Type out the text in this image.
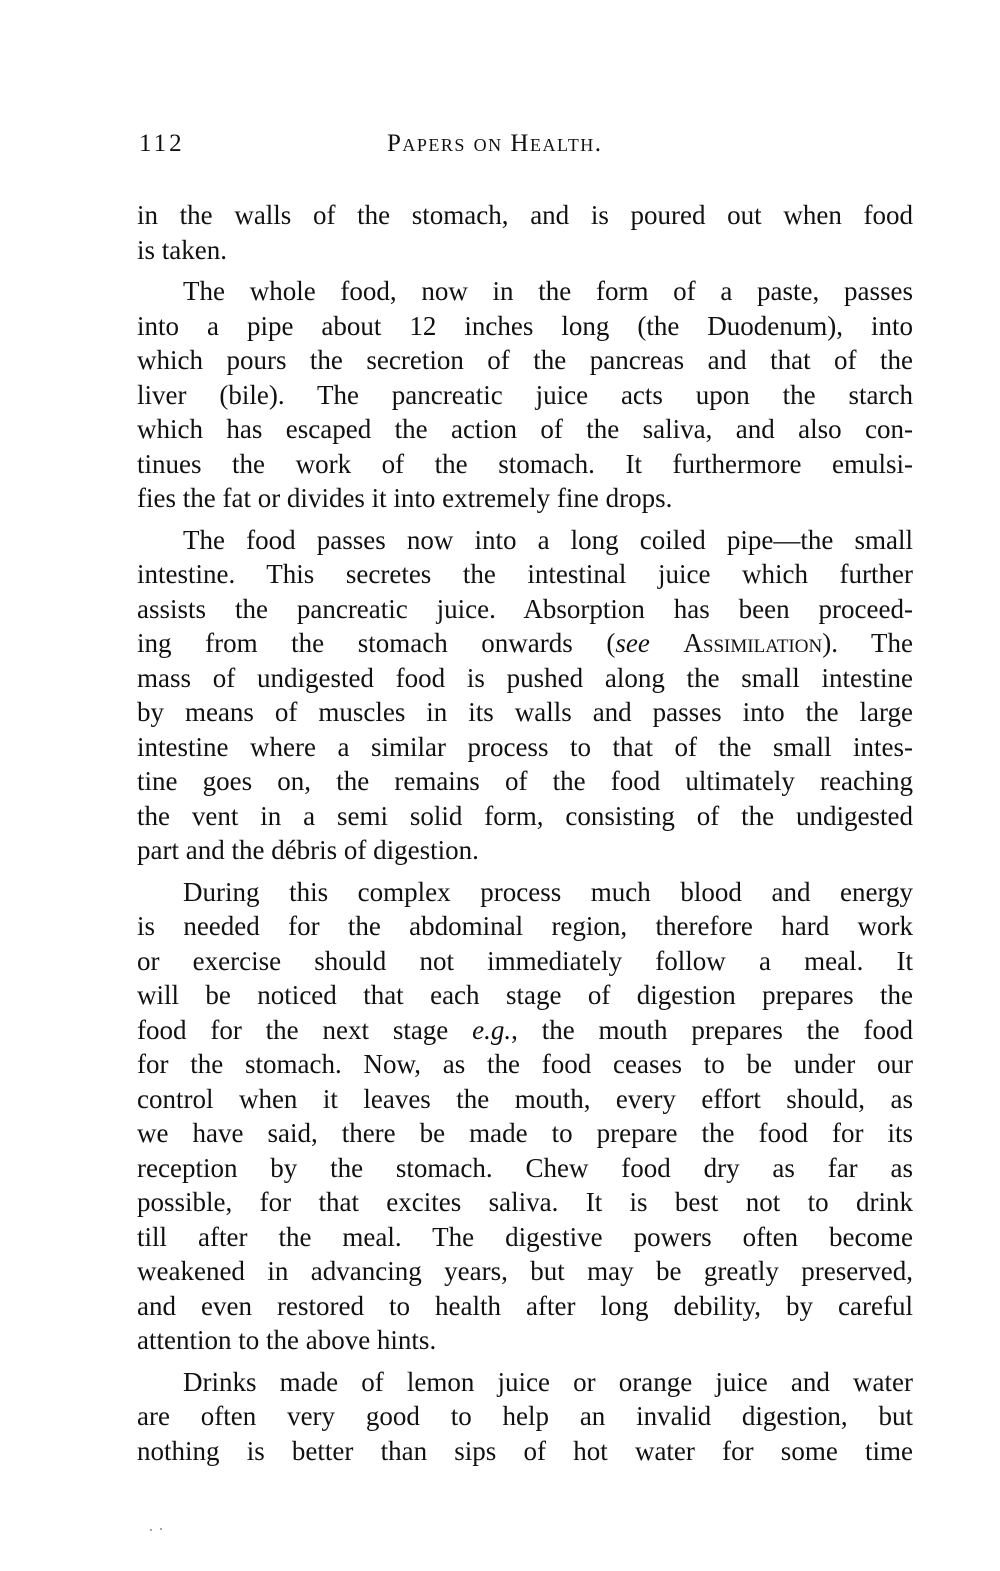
112	Papers on Health.
in the walls of the stomach, and is poured out when food
is taken.
The whole food, now in the form of a paste, passes
into a pipe about 12 inches long (the Duodenum), into
which pours the secretion of the pancreas and that of the
liver (bile). The pancreatic juice acts upon the starch
which has escaped the action of the saliva, and also con-
tinues the work of the stomach. It furthermore emulsi-
fies the fat or divides it into extremely fine drops.
The food passes now into a long coiled pipe—the small
intestine. This secretes the intestinal juice which further
assists the pancreatic juice. Absorption has been proceed-
ing from the stomach onwards (see Assimilation). The
mass of undigested food is pushed along the small intestine
by means of muscles in its walls and passes into the large
intestine where a similar process to that of the small intes-
tine goes on, the remains of the food ultimately reaching
the vent in a semi solid form, consisting of the undigested
part and the débris of digestion.
During this complex process much blood and energy
is needed for the abdominal region, therefore hard work
or exercise should not immediately follow a meal. It
will be noticed that each stage of digestion prepares the
food for the next stage e.g., the mouth prepares the food
for the stomach. Now, as the food ceases to be under our
control when it leaves the mouth, every effort should, as
we have said, there be made to prepare the food for its
reception by the stomach. Chew food dry as far as
possible, for that excites saliva. It is best not to drink
till after the meal. The digestive powers often become
weakened in advancing years, but may be greatly preserved,
and even restored to health after long debility, by careful
attention to the above hints.
Drinks made of lemon juice or orange juice and water
are often very good to help an invalid digestion, but
nothing is better than sips of hot water for some time
